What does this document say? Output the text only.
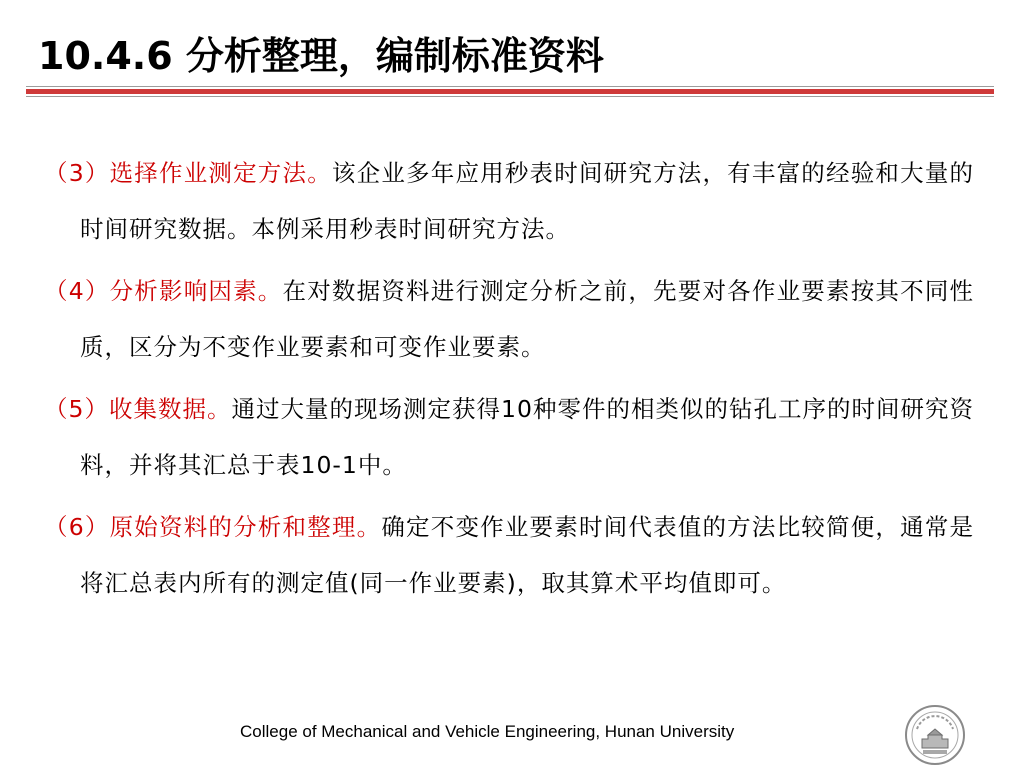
10.4.6 分析整理，编制标准资料

（3）选择作业测定方法。该企业多年应用秒表时间研究方法，有丰富的经验和大量的时间研究数据。本例采用秒表时间研究方法。

（4）分析影响因素。在对数据资料进行测定分析之前，先要对各作业要素按其不同性质，区分为不变作业要素和可变作业要素。

（5）收集数据。通过大量的现场测定获得10种零件的相类似的钻孔工序的时间研究资料，并将其汇总于表10-1中。

（6）原始资料的分析和整理。确定不变作业要素时间代表值的方法比较简便，通常是将汇总表内所有的测定值(同一作业要素)，取其算术平均值即可。

College of Mechanical and Vehicle Engineering, Hunan University
